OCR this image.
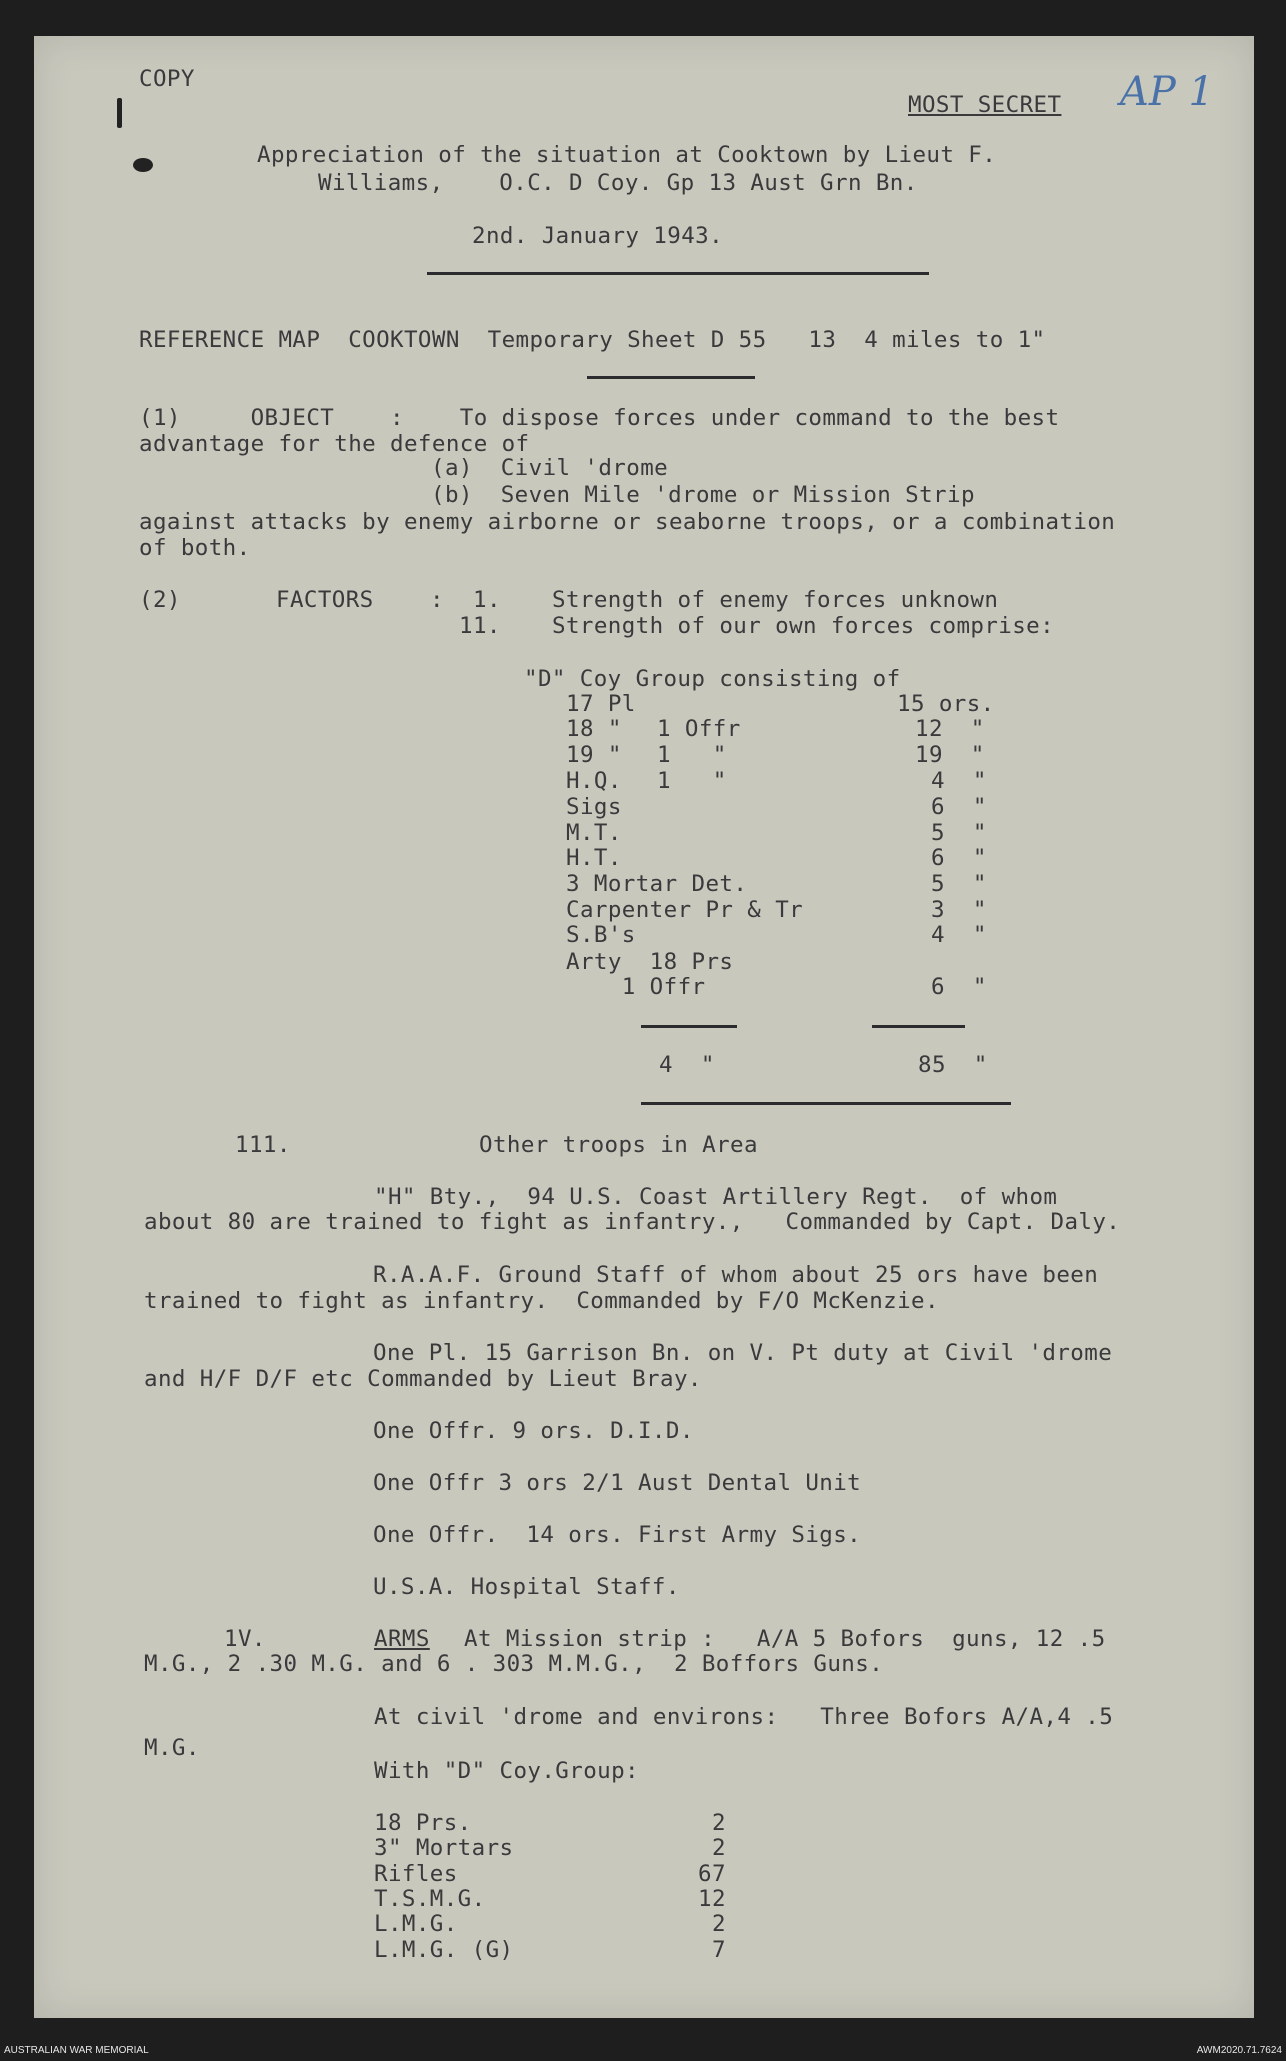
COPY
MOST SECRET AP 1
Appreciation of the situation at Cooktown by Lieut F.
Williams,    O.C. D Coy. Gp 13 Aust Grn Bn.
2nd. January 1943.
REFERENCE MAP  COOKTOWN  Temporary Sheet D 55   13  4 miles to 1"
(1)     OBJECT    :    To dispose forces under command to the best
advantage for the defence of
(a)  Civil 'drome
(b)  Seven Mile 'drome or Mission Strip
against attacks by enemy airborne or seaborne troops, or a combination
of both.
(2)	FACTORS	: 1. Strength of enemy forces unknown
11. Strength of our own forces comprise:
"D" Coy Group consisting of
17 Pl	15 ors.
18 " 1 Offr	12  "
19 " 1   "	19  "
H.Q. 1   "	4  "
Sigs	6  "
M.T.	5  "
H.T.	6  "
3 Mortar Det.	5  "
Carpenter Pr & Tr	3  "
S.B's	4  "
Arty  18 Prs
1 Offr	6  "
4  "	85  "
111.	Other troops in Area
"H" Bty.,  94 U.S. Coast Artillery Regt.  of whom
about 80 are trained to fight as infantry.,   Commanded by Capt. Daly.
R.A.A.F. Ground Staff of whom about 25 ors have been
trained to fight as infantry.  Commanded by F/O McKenzie.
One Pl. 15 Garrison Bn. on V. Pt duty at Civil 'drome
and H/F D/F etc Commanded by Lieut Bray.
One Offr. 9 ors. D.I.D.
One Offr 3 ors 2/1 Aust Dental Unit
One Offr.  14 ors. First Army Sigs.
U.S.A. Hospital Staff.
1V.	ARMS At Mission strip :   A/A 5 Bofors  guns, 12 .5
M.G., 2 .30 M.G. and 6 . 303 M.M.G.,  2 Boffors Guns.
At civil 'drome and environs:   Three Bofors A/A,4 .5
M.G.
With "D" Coy.Group:
18 Prs.	2
3" Mortars	2
Rifles	67
T.S.M.G.	12
L.M.G.	2
L.M.G. (G)	7
AUSTRALIAN WAR MEMORIAL	AWM2020.71.7624
